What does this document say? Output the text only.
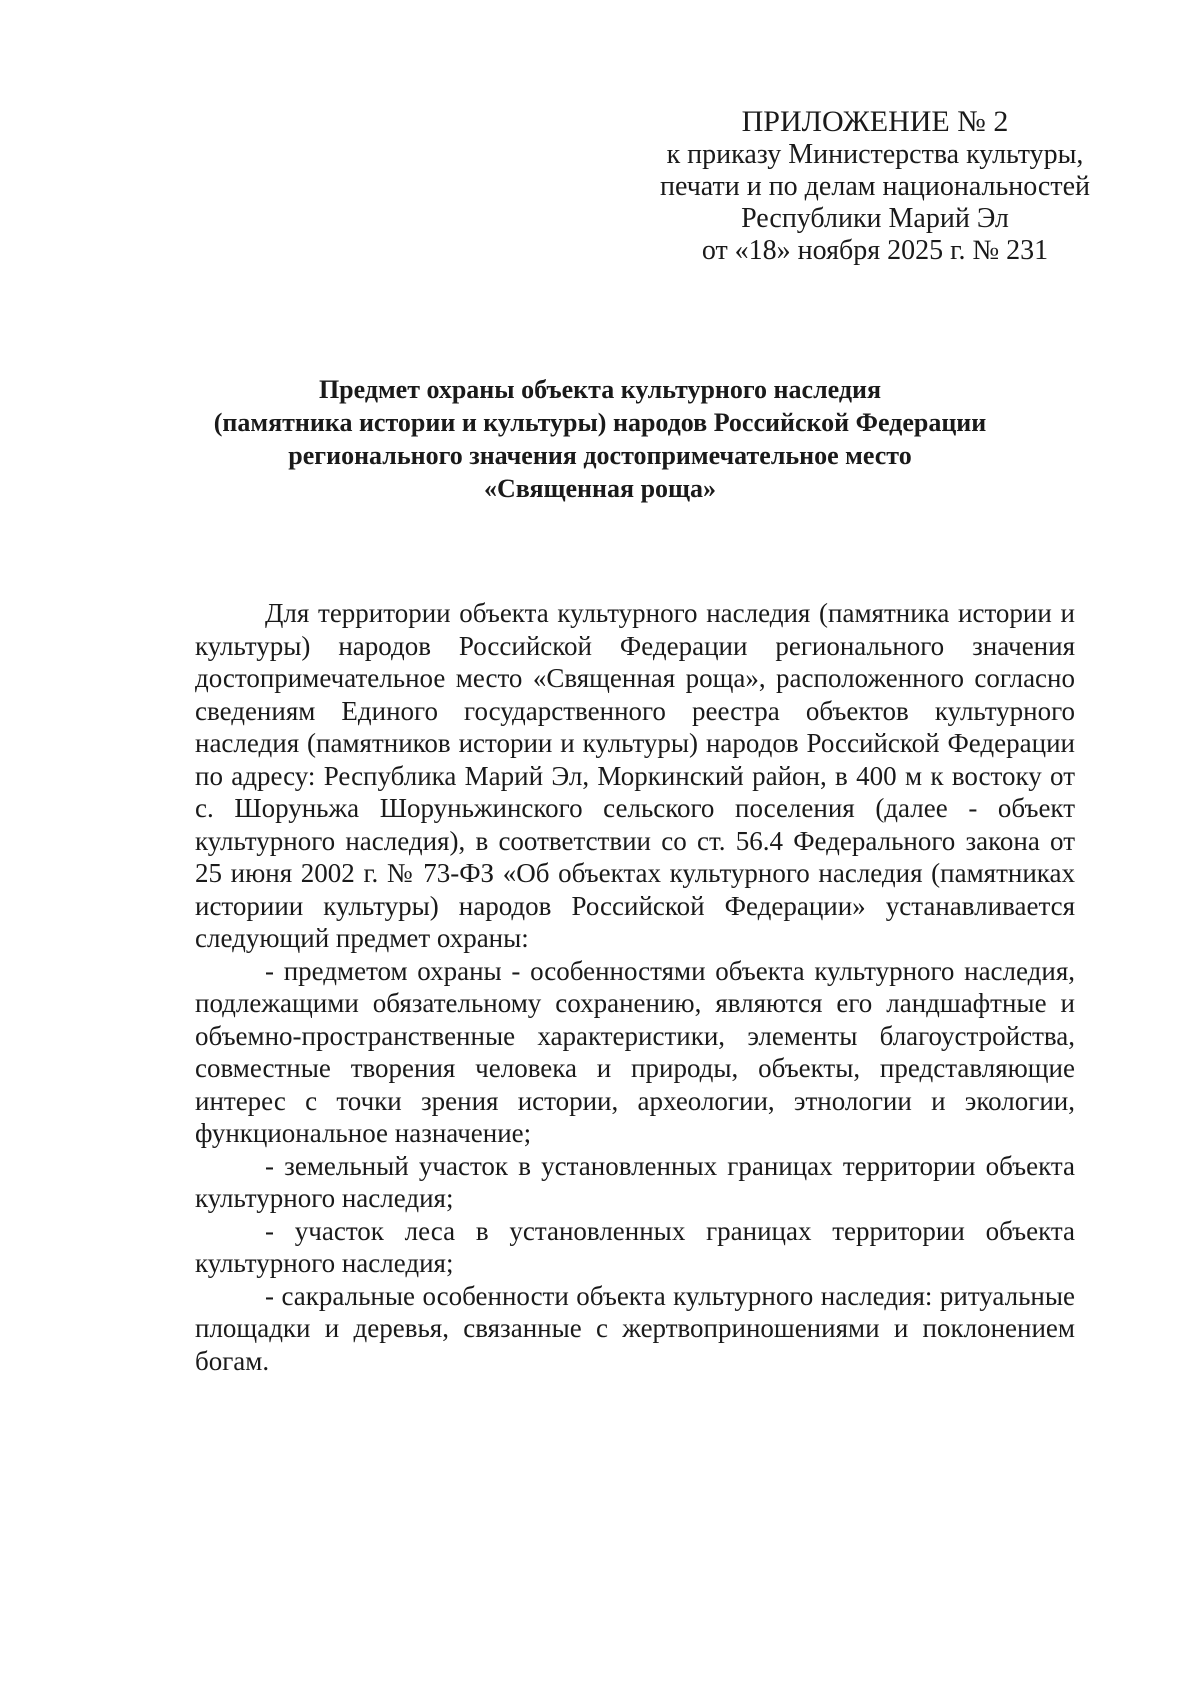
ПРИЛОЖЕНИЕ № 2
к приказу Министерства культуры,
печати и по делам национальностей
Республики Марий Эл
от «18» ноября 2025 г. № 231
Предмет охраны объекта культурного наследия
(памятника истории и культуры) народов Российской Федерации
регионального значения достопримечательное место
«Священная роща»

Для территории объекта культурного наследия (памятника истории и культуры) народов Российской Федерации регионального значения достопримечательное место «Священная роща», расположенного согласно сведениям Единого государственного реестра объектов культурного наследия (памятников истории и культуры) народов Российской Федерации по адресу: Республика Марий Эл, Моркинский район, в 400 м к востоку от с. Шоруньжа Шоруньжинского сельского поселения (далее - объект культурного наследия), в соответствии со ст. 56.4 Федерального закона от 25 июня 2002 г. № 73-ФЗ «Об объектах культурного наследия (памятниках историии культуры) народов Российской Федерации» устанавливается следующий предмет охраны:

- предметом охраны - особенностями объекта культурного наследия, подлежащими обязательному сохранению, являются его ландшафтные и объемно-пространственные характеристики, элементы благоустройства, совместные творения человека и природы, объекты, представляющие интерес с точки зрения истории, археологии, этнологии и экологии, функциональное назначение;

- земельный участок в установленных границах территории объекта культурного наследия;

- участок леса в установленных границах территории объекта культурного наследия;

- сакральные особенности объекта культурного наследия: ритуальные площадки и деревья, связанные с жертвоприношениями и поклонением богам.
